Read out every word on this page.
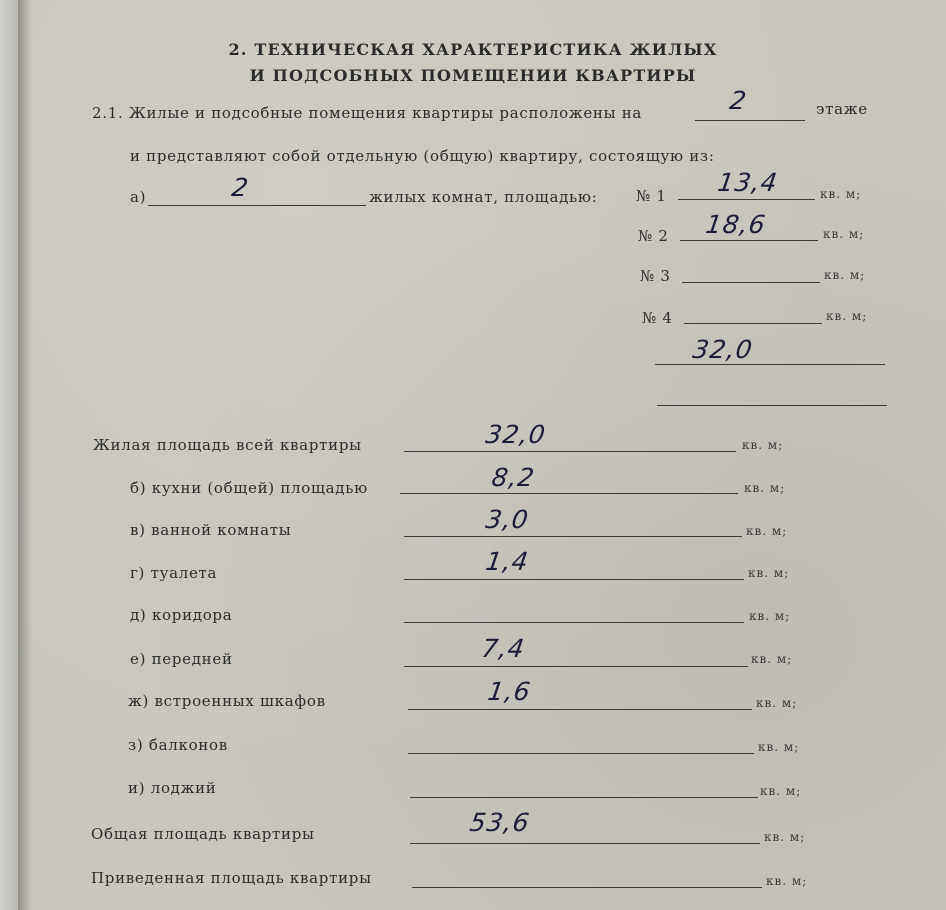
2. ТЕХНИЧЕСКАЯ ХАРАКТЕРИСТИКА ЖИЛЫХ
И ПОДСОБНЫХ ПОМЕЩЕНИИ КВАРТИРЫ
2.1. Жилые и подсобные помещения квартиры расположены на	2	этаже
и представляют собой отдельную (общую) квартиру, состоящую из:
а)	2	жилых комнат, площадью:	№ 1 13,4	кв. м;
№ 2 18,6	кв. м;
№ 3	кв. м;
№ 4	кв. м;
32,0
Жилая площадь всей квартиры	32,0	кв. м;
б) кухни (общей) площадью	8,2	кв. м;
в) ванной комнаты	3,0	кв. м;
г) туалета	1,4	кв. м;
д) коридора	кв. м;
е) передней	7,4	кв. м;
ж) встроенных шкафов	1,6	кв. м;
з) балконов	кв. м;
и) лоджий	кв. м;
Общая площадь квартиры	53,6	кв. м;
Приведенная площадь квартиры	кв. м;
